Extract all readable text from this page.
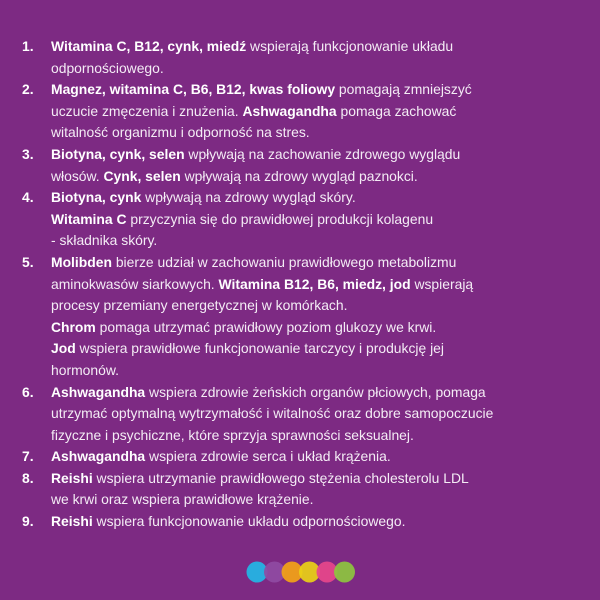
1. Witamina C, B12, cynk, miedź wspierają funkcjonowanie układu
odpornościowego.
2. Magnez, witamina C, B6, B12, kwas foliowy pomagają zmniejszyć
uczucie zmęczenia i znużenia. Ashwagandha pomaga zachować
witalność organizmu i odporność na stres.
3. Biotyna, cynk, selen wpływają na zachowanie zdrowego wyglądu
włosów. Cynk, selen wpływają na zdrowy wygląd paznokci.
4. Biotyna, cynk wpływają na zdrowy wygląd skóry.
Witamina C przyczynia się do prawidłowej produkcji kolagenu
- składnika skóry.
5. Molibden bierze udział w zachowaniu prawidłowego metabolizmu
aminokwasów siarkowych. Witamina B12, B6, miedz, jod wspierają
procesy przemiany energetycznej w komórkach.
Chrom pomaga utrzymać prawidłowy poziom glukozy we krwi.
Jod wspiera prawidłowe funkcjonowanie tarczycy i produkcję jej
hormonów.
6. Ashwagandha wspiera zdrowie żeńskich organów płciowych, pomaga
utrzymać optymalną wytrzymałość i witalność oraz dobre samopoczucie
fizyczne i psychiczne, które sprzyja sprawności seksualnej.
7. Ashwagandha wspiera zdrowie serca i układ krążenia.
8. Reishi wspiera utrzymanie prawidłowego stężenia cholesterolu LDL
we krwi oraz wspiera prawidłowe krążenie.
9. Reishi wspiera funkcjonowanie układu odpornościowego.
